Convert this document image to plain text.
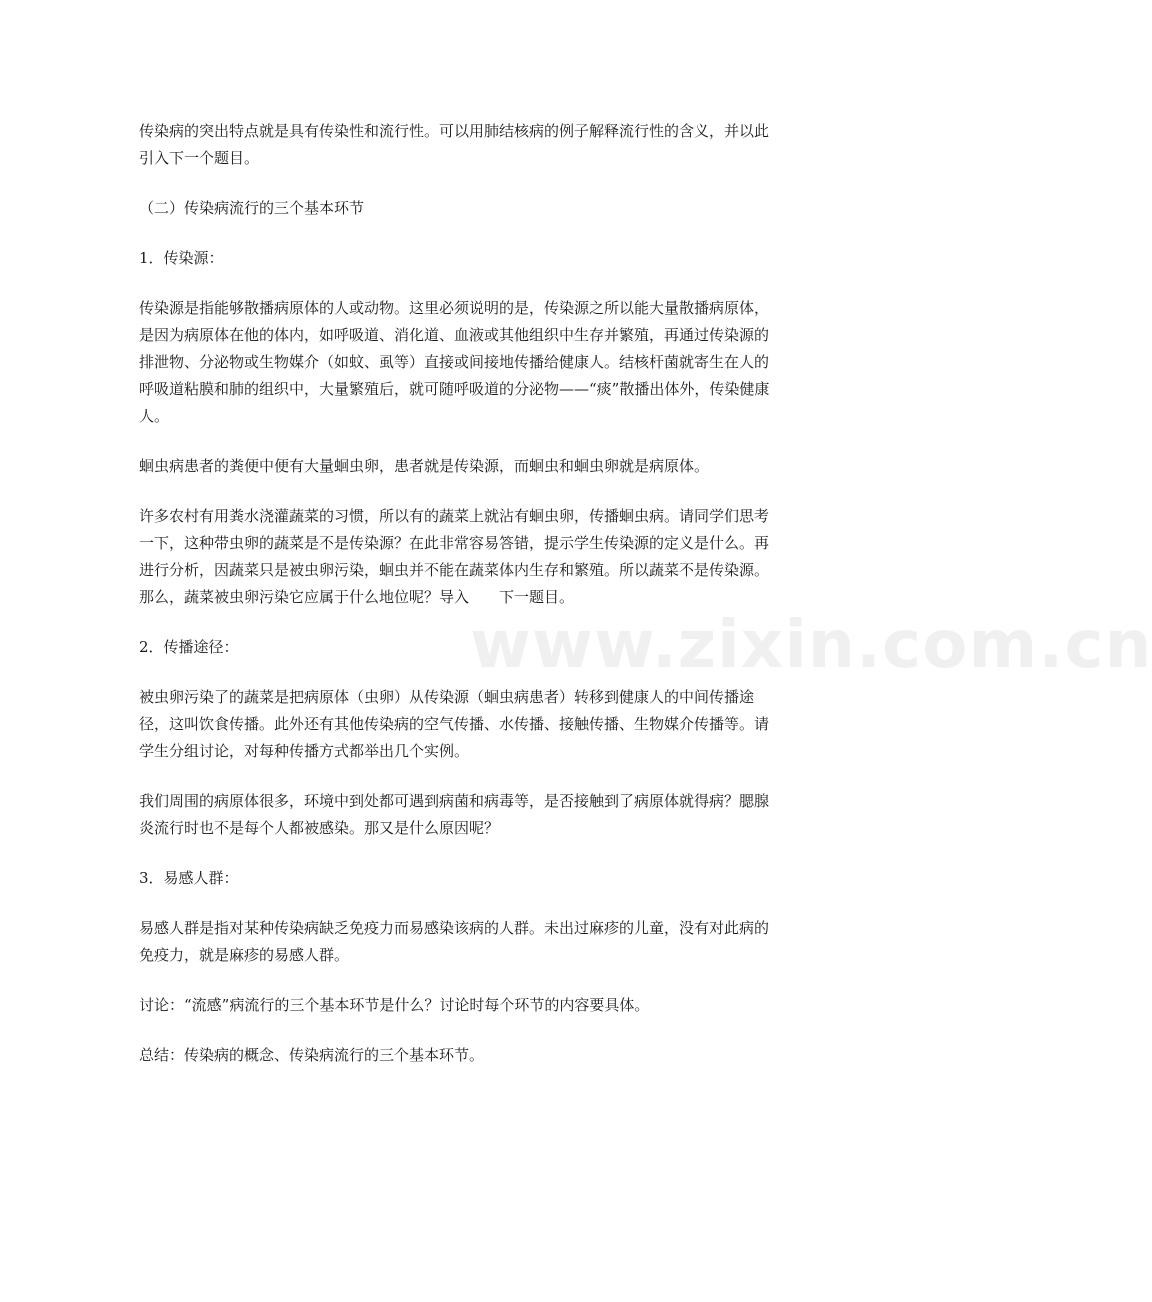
传染病的突出特点就是具有传染性和流行性。可以用肺结核病的例子解释流行性的含义，并以此引入下一个题目。

（二）传染病流行的三个基本环节

1．传染源：

传染源是指能够散播病原体的人或动物。这里必须说明的是，传染源之所以能大量散播病原体，是因为病原体在他的体内，如呼吸道、消化道、血液或其他组织中生存并繁殖，再通过传染源的排泄物、分泌物或生物媒介（如蚊、虱等）直接或间接地传播给健康人。结核杆菌就寄生在人的呼吸道粘膜和肺的组织中，大量繁殖后，就可随呼吸道的分泌物——“痰”散播出体外，传染健康人。

蛔虫病患者的粪便中便有大量蛔虫卵，患者就是传染源，而蛔虫和蛔虫卵就是病原体。

许多农村有用粪水浇灌蔬菜的习惯，所以有的蔬菜上就沾有蛔虫卵，传播蛔虫病。请同学们思考一下，这种带虫卵的蔬菜是不是传染源？在此非常容易答错，提示学生传染源的定义是什么。再进行分析，因蔬菜只是被虫卵污染，蛔虫并不能在蔬菜体内生存和繁殖。所以蔬菜不是传染源。那么，蔬菜被虫卵污染它应属于什么地位呢？导入　　下一题目。

2．传播途径：

被虫卵污染了的蔬菜是把病原体（虫卵）从传染源（蛔虫病患者）转移到健康人的中间传播途径，这叫饮食传播。此外还有其他传染病的空气传播、水传播、接触传播、生物媒介传播等。请学生分组讨论，对每种传播方式都举出几个实例。

我们周围的病原体很多，环境中到处都可遇到病菌和病毒等，是否接触到了病原体就得病？腮腺炎流行时也不是每个人都被感染。那又是什么原因呢？

3．易感人群：

易感人群是指对某种传染病缺乏免疫力而易感染该病的人群。未出过麻疹的儿童，没有对此病的免疫力，就是麻疹的易感人群。

讨论：“流感”病流行的三个基本环节是什么？讨论时每个环节的内容要具体。

总结：传染病的概念、传染病流行的三个基本环节。

www.zixin.com.cn
